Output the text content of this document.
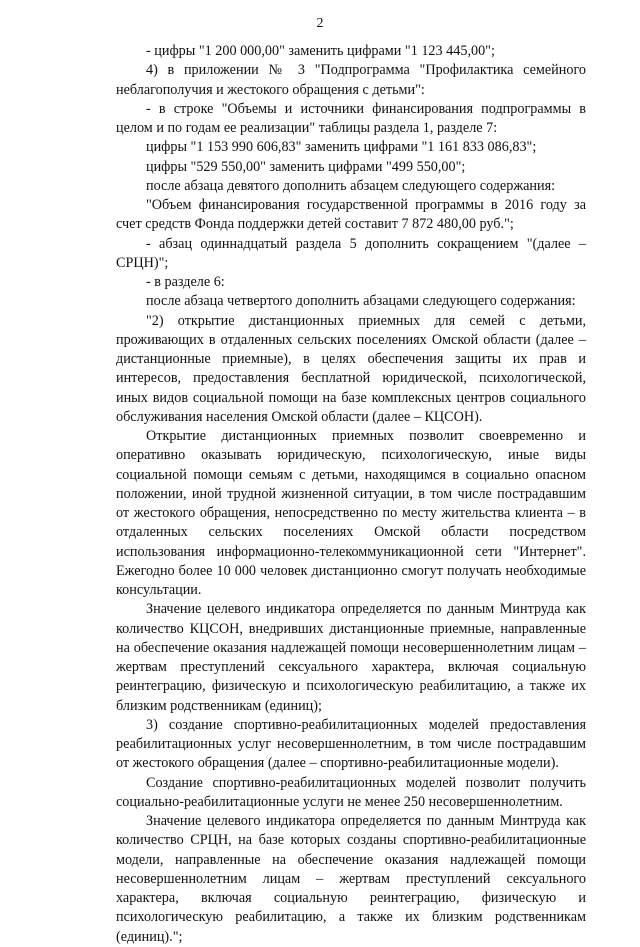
2

- цифры "1 200 000,00" заменить цифрами "1 123 445,00";

4) в приложении № 3 "Подпрограмма "Профилактика семейного неблагополучия и жестокого обращения с детьми":

- в строке "Объемы и источники финансирования подпрограммы в целом и по годам ее реализации" таблицы раздела 1, разделе 7:

цифры "1 153 990 606,83" заменить цифрами "1 161 833 086,83";

цифры "529 550,00" заменить цифрами "499 550,00";

после абзаца девятого дополнить абзацем следующего содержания:

"Объем финансирования государственной программы в 2016 году за счет средств Фонда поддержки детей составит 7 872 480,00 руб.";

- абзац одиннадцатый раздела 5 дополнить сокращением "(далее – СРЦН)";

- в разделе 6:

после абзаца четвертого дополнить абзацами следующего содержания:

"2) открытие дистанционных приемных для семей с детьми, проживающих в отдаленных сельских поселениях Омской области (далее – дистанционные приемные), в целях обеспечения защиты их прав и интересов, предоставления бесплатной юридической, психологической, иных видов социальной помощи на базе комплексных центров социального обслуживания населения Омской области (далее – КЦСОН).

Открытие дистанционных приемных позволит своевременно и оперативно оказывать юридическую, психологическую, иные виды социальной помощи семьям с детьми, находящимся в социально опасном положении, иной трудной жизненной ситуации, в том числе пострадавшим от жестокого обращения, непосредственно по месту жительства клиента – в отдаленных сельских поселениях Омской области посредством использования информационно-телекоммуникационной сети "Интернет". Ежегодно более 10 000 человек дистанционно смогут получать необходимые консультации.

Значение целевого индикатора определяется по данным Минтруда как количество КЦСОН, внедривших дистанционные приемные, направленные на обеспечение оказания надлежащей помощи несовершеннолетним лицам – жертвам преступлений сексуального характера, включая социальную реинтеграцию, физическую и психологическую реабилитацию, а также их близким родственникам (единиц);

3) создание спортивно-реабилитационных моделей предоставления реабилитационных услуг несовершеннолетним, в том числе пострадавшим от жестокого обращения (далее – спортивно-реабилитационные модели).

Создание спортивно-реабилитационных моделей позволит получить социально-реабилитационные услуги не менее 250 несовершеннолетним.

Значение целевого индикатора определяется по данным Минтруда как количество СРЦН, на базе которых созданы спортивно-реабилитационные модели, направленные на обеспечение оказания надлежащей помощи несовершеннолетним лицам – жертвам преступлений сексуального характера, включая социальную реинтеграцию, физическую и психологическую реабилитацию, а также их близким родственникам (единиц).";
